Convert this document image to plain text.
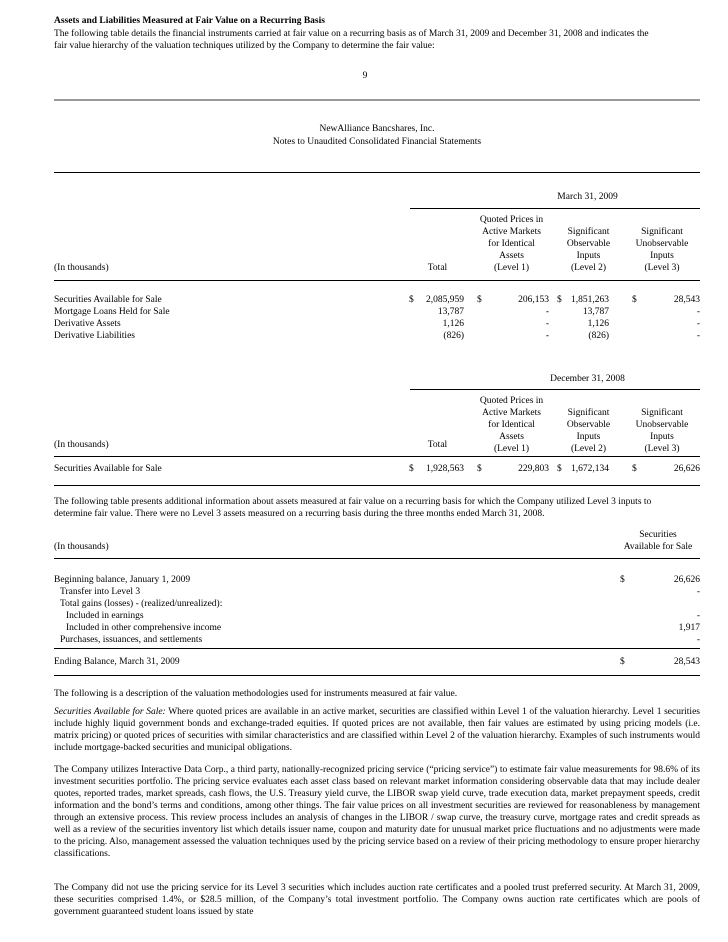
Assets and Liabilities Measured at Fair Value on a Recurring Basis
The following table details the financial instruments carried at fair value on a recurring basis as of March 31, 2009 and December 31, 2008 and indicates the
fair value hierarchy of the valuation techniques utilized by the Company to determine the fair value:
9
NewAlliance Bancshares, Inc.
Notes to Unaudited Consolidated Financial Statements
March 31, 2009
Quoted Prices in
Active Markets
for Identical
Assets
(Level 1)
Significant
Observable
Inputs
(Level 2)
Significant
Unobservable
Inputs
(Level 3)
(In thousands)	Total
Securities Available for Sale	$	2,085,959 $	206,153 $ 1,851,263 $	28,543
Mortgage Loans Held for Sale	13,787	-	13,787	-
Derivative Assets	1,126	-	1,126	-
Derivative Liabilities	(826)	-	(826)	-
December 31, 2008
Quoted Prices in
Active Markets
for Identical
Assets
(Level 1)
Significant
Observable
Inputs
(Level 2)
Significant
Unobservable
Inputs
(Level 3)
(In thousands)	Total
Securities Available for Sale	$	1,928,563 $	229,803 $ 1,672,134 $	26,626
The following table presents additional information about assets measured at fair value on a recurring basis for which the Company utilized Level 3 inputs to
determine fair value. There were no Level 3 assets measured on a recurring basis during the three months ended March 31, 2008.
Securities
Available for Sale
(In thousands)
Beginning balance, January 1, 2009	$	26,626
Transfer into Level 3	-
Total gains (losses) - (realized/unrealized):
Included in earnings	-
Included in other comprehensive income	1,917
Purchases, issuances, and settlements	-
Ending Balance, March 31, 2009	$	28,543
The following is a description of the valuation methodologies used for instruments measured at fair value.
Securities Available for Sale: Where quoted prices are available in an active market, securities are classified within Level 1 of the valuation hierarchy. Level 1 securities include highly liquid government bonds and exchange-traded equities. If quoted prices are not available, then fair values are estimated by using pricing models (i.e. matrix pricing) or quoted prices of securities with similar characteristics and are classified within Level 2 of the valuation hierarchy. Examples of such instruments would include mortgage-backed securities and municipal obligations.
The Company utilizes Interactive Data Corp., a third party, nationally-recognized pricing service (“pricing service”) to estimate fair value measurements for 98.6% of its investment securities portfolio. The pricing service evaluates each asset class based on relevant market information considering observable data that may include dealer quotes, reported trades, market spreads, cash flows, the U.S. Treasury yield curve, the LIBOR swap yield curve, trade execution data, market prepayment speeds, credit information and the bond’s terms and conditions, among other things. The fair value prices on all investment securities are reviewed for reasonableness by management through an extensive process. This review process includes an analysis of changes in the LIBOR / swap curve, the treasury curve, mortgage rates and credit spreads as well as a review of the securities inventory list which details issuer name, coupon and maturity date for unusual market price fluctuations and no adjustments were made to the pricing. Also, management assessed the valuation techniques used by the pricing service based on a review of their pricing methodology to ensure proper hierarchy classifications.
The Company did not use the pricing service for its Level 3 securities which includes auction rate certificates and a pooled trust preferred security. At March 31, 2009, these securities comprised 1.4%, or $28.5 million, of the Company’s total investment portfolio. The Company owns auction rate certificates which are pools of government guaranteed student loans issued by state
